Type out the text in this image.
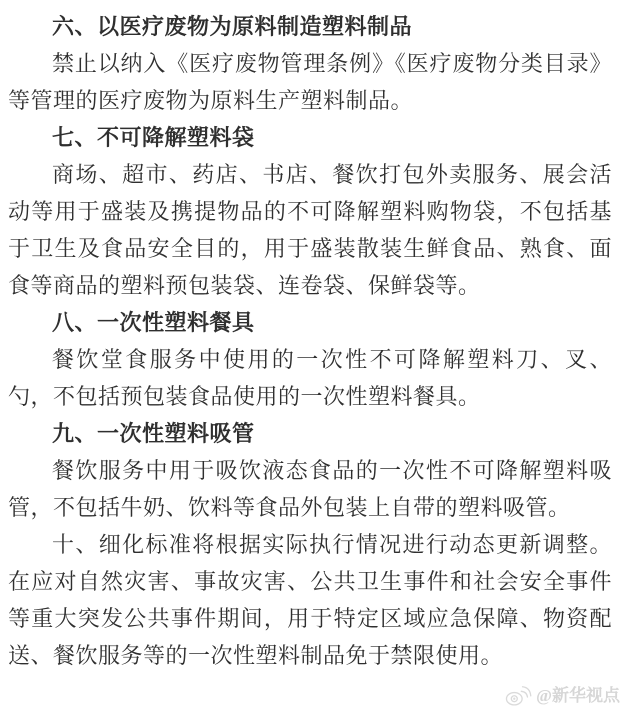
六、以医疗废物为原料制造塑料制品

禁止以纳入《医疗废物管理条例》《医疗废物分类目录》等管理的医疗废物为原料生产塑料制品。

七、不可降解塑料袋

商场、超市、药店、书店、餐饮打包外卖服务、展会活动等用于盛装及携提物品的不可降解塑料购物袋，不包括基于卫生及食品安全目的，用于盛装散装生鲜食品、熟食、面食等商品的塑料预包装袋、连卷袋、保鲜袋等。

八、一次性塑料餐具

餐饮堂食服务中使用的一次性不可降解塑料刀、叉、勺，不包括预包装食品使用的一次性塑料餐具。

九、一次性塑料吸管

餐饮服务中用于吸饮液态食品的一次性不可降解塑料吸管，不包括牛奶、饮料等食品外包装上自带的塑料吸管。

十、细化标准将根据实际执行情况进行动态更新调整。在应对自然灾害、事故灾害、公共卫生事件和社会安全事件等重大突发公共事件期间，用于特定区域应急保障、物资配送、餐饮服务等的一次性塑料制品免于禁限使用。

@新华视点
